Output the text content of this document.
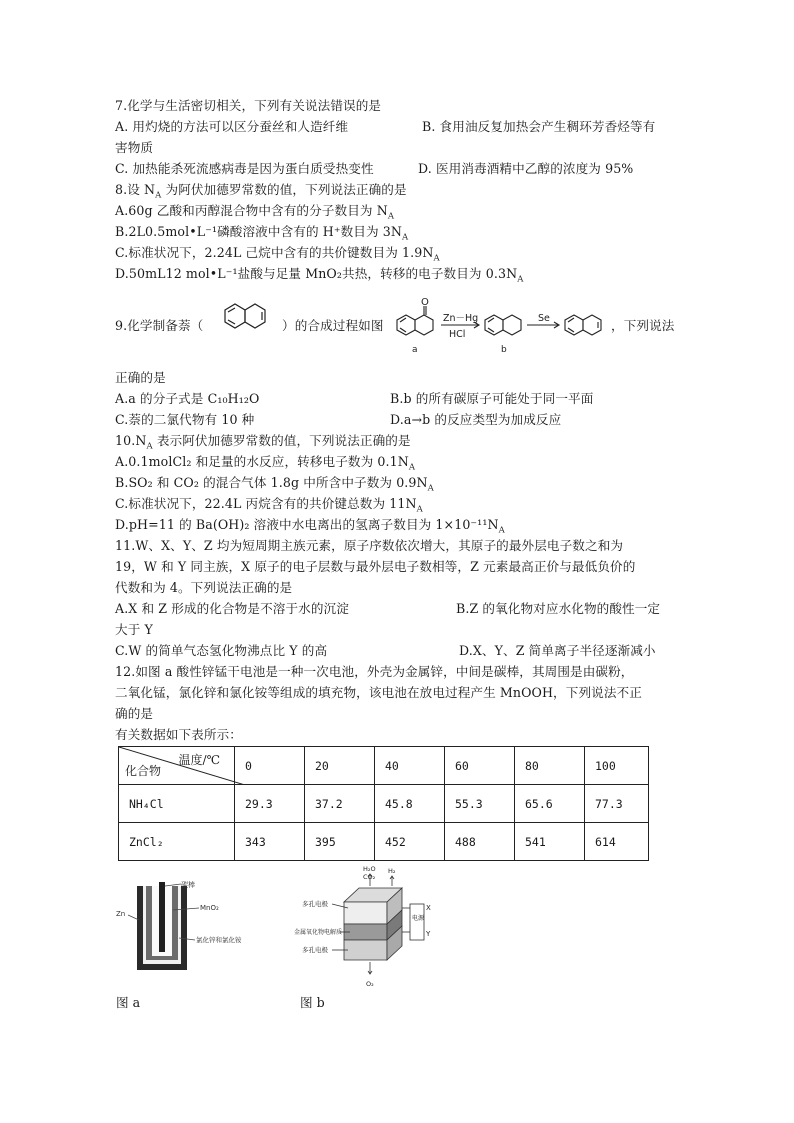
7.化学与生活密切相关，下列有关说法错误的是
A. 用灼烧的方法可以区分蚕丝和人造纤维	B. 食用油反复加热会产生稠环芳香烃等有
害物质
C. 加热能杀死流感病毒是因为蛋白质受热变性	D. 医用消毒酒精中乙醇的浓度为 95%
8.设 $N_A$ 为阿伏加德罗常数的值，下列说法正确的是
A.60g 乙酸和丙醇混合物中含有的分子数目为 $N_A$
B.2L0.5mol•L⁻¹磷酸溶液中含有的 H⁺数目为 $3N_A$
C.标准状况下，2.24L 己烷中含有的共价键数目为 $1.9N_A$
D.50mL12 mol•L⁻¹盐酸与足量 MnO₂共热，转移的电子数目为 $0.3N_A$
9.化学制备萘（	）的合成过程如图
O
Zn－Hg
HCl
Se
a	b
，下列说法
正确的是
A.a 的分子式是 C₁₀H₁₂O	B.b 的所有碳原子可能处于同一平面
C.萘的二氯代物有 10 种	D.a→b 的反应类型为加成反应
$10.N_A$ 表示阿伏加德罗常数的值，下列说法正确的是
A.0.1molCl₂ 和足量的水反应，转移电子数为 $0.1N_A$
B.SO₂ 和 CO₂ 的混合气体 1.8g 中所含中子数为 $0.9N_A$
C.标准状况下，22.4L 丙烷含有的共价键总数为 $11N_A$
D.pH=11 的 Ba(OH)₂ 溶液中水电离出的氢离子数目为 $1\times 10^{-11}N_A$
11.W、X、Y、Z 均为短周期主族元素，原子序数依次增大，其原子的最外层电子数之和为
19，W 和 Y 同主族，X 原子的电子层数与最外层电子数相等，Z 元素最高正价与最低负价的
代数和为 4。下列说法正确的是
A.X 和 Z 形成的化合物是不溶于水的沉淀	B.Z 的氧化物对应水化物的酸性一定
大于 Y
C.W 的简单气态氢化物沸点比 Y 的高	D.X、Y、Z 简单离子半径逐渐减小
12.如图 a 酸性锌锰干电池是一种一次电池，外壳为金属锌，中间是碳棒，其周围是由碳粉，
二氧化锰，氯化锌和氯化铵等组成的填充物，该电池在放电过程产生 MnOOH，下列说法不正
确的是
有关数据如下表所示：
温度/℃
化合物	0	20	40	60	80	100
NH₄Cl	29.3	37.2	45.8	55.3	65.6	77.3
ZnCl₂	343	395	452	488	541	614
Zn
碳棒
MnO₂
氯化锌和氯化铵
图 a
H₂O
CO₂
H₂
O₂
X
Y
电源
多孔电极
金属氧化物电解质
多孔电极
图 b
